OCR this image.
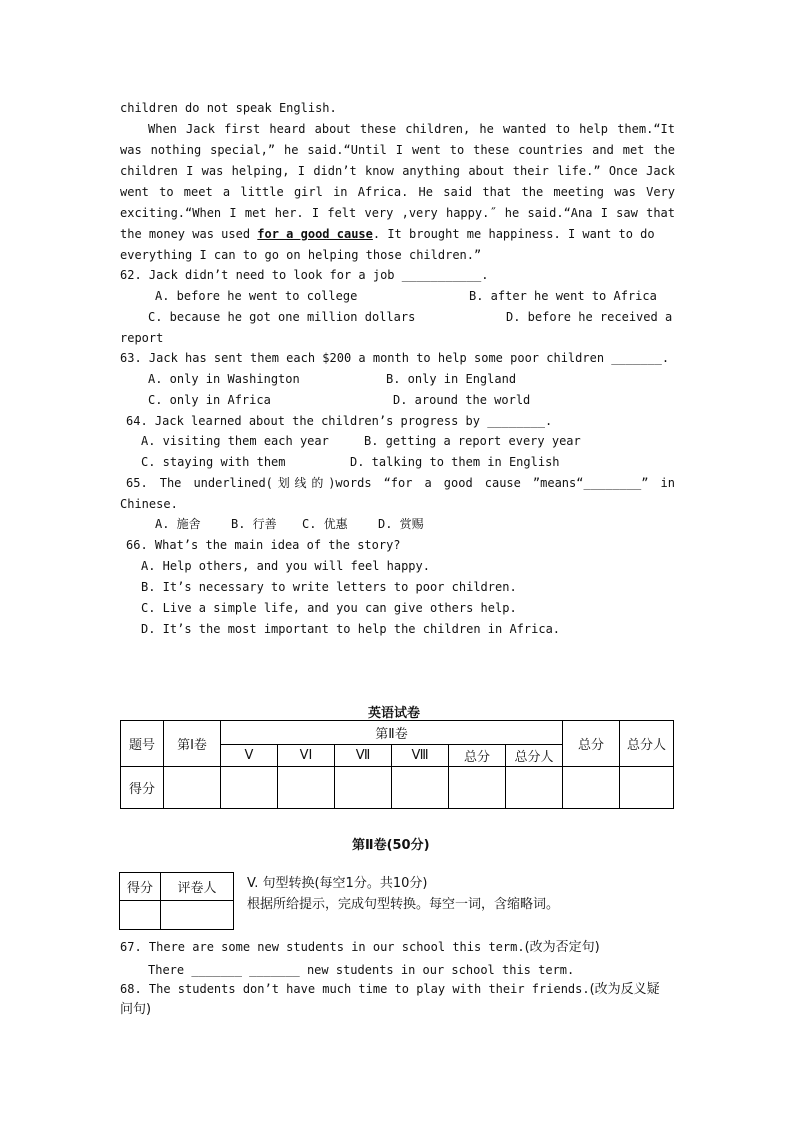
children do not speak English.
When Jack first heard about these children, he wanted to help them.“It
was nothing special,” he said.“Until I went to these countries and met the
children I was helping, I didn’t know anything about their life.” Once Jack
went to meet a little girl in Africa. He said that the meeting was Very
exciting.“When I met her. I felt very ,very happy.˝ he said.“Ana I saw that
the money was used for a good cause. It brought me happiness. I want to do
everything I can to go on helping those children.”
62. Jack didn’t need to look for a job ___________.
A. before he went to college	B. after he went to Africa
C. because he got one million dollars	D. before he received a
report
63. Jack has sent them each $200 a month to help some poor children _______.
A. only in Washington	B. only in England
C. only in Africa	D. around the world
64. Jack learned about the children’s progress by ________.
A. visiting them each year	B. getting a report every year
C. staying with them	D. talking to them in English
65. The underlined(划线的)words “for a good cause ”means“________” in
Chinese.
A. 施舍	B. 行善	C. 优惠	D. 赏赐
66. What’s the main idea of the story?
A. Help others, and you will feel happy.
B. It’s necessary to write letters to poor children.
C. Live a simple life, and you can give others help.
D. It’s the most important to help the children in Africa.
英语试卷
题号	第I卷	第Ⅱ卷						总分	总分人
		V	VI	Ⅶ	Ⅷ	总分	总分人		
得分									
第Ⅱ卷(50分)
得分	评卷人
	V. 句型转换(每空1分。共10分)
根据所给提示，完成句型转换。每空一词，含缩略词。
67. There are some new students in our school this term.(改为否定句)
There _______ _______ new students in our school this term.
68. The students don’t have much time to play with their friends.(改为反义疑
问句)
